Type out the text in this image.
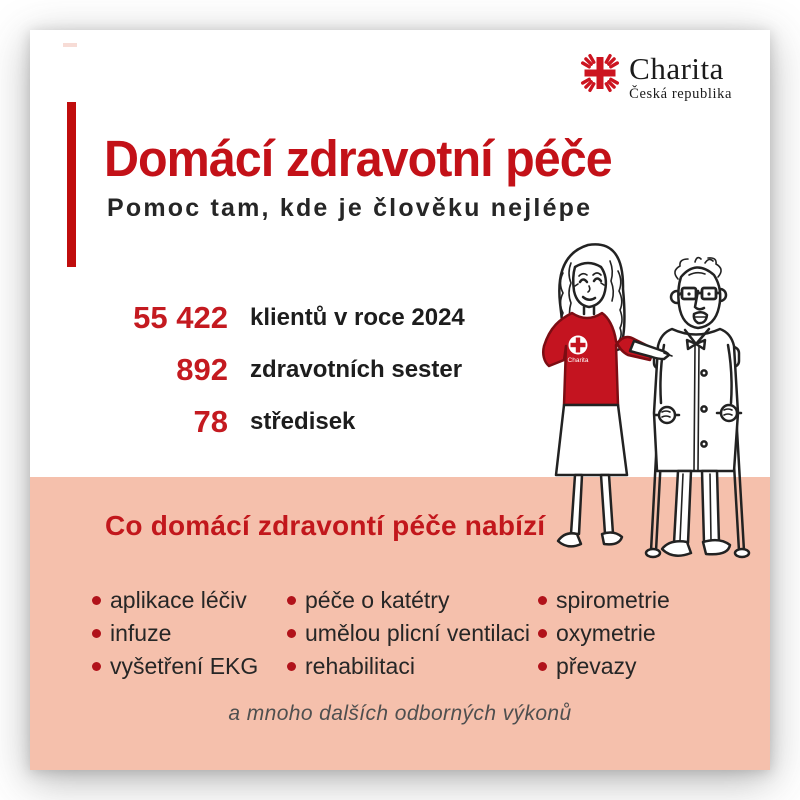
Charita
Česká republika
Domácí zdravotní péče
Pomoc tam, kde je člověku nejlépe
55 422 klientů v roce 2024
892 zdravotních sester
78 středisek
Co domácí zdravontí péče nabízí
aplikace léčiv
infuze
vyšetření EKG
péče o katétry
umělou plicní ventilaci
rehabilitaci
spirometrie
oxymetrie
převazy
a mnoho dalších odborných výkonů
Charita
